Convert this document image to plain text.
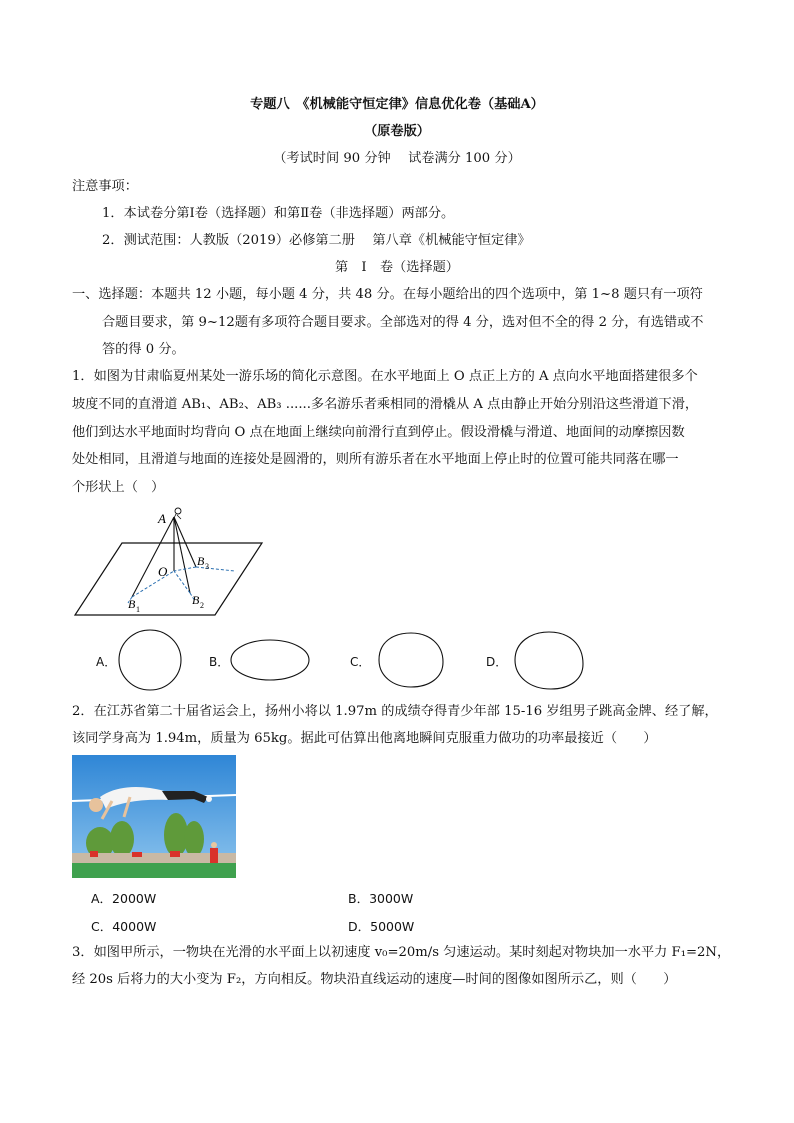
专题八　《机械能守恒定律》信息优化卷（基础A）
（原卷版）
（考试时间 90 分钟　 试卷满分 100 分）
注意事项：
1．本试卷分第Ⅰ卷（选择题）和第Ⅱ卷（非选择题）两部分。
2．测试范围：人教版（2019）必修第二册　 第八章《机械能守恒定律》
第　Ⅰ　卷（选择题）
一、选择题：本题共 12 小题，每小题 4 分，共 48 分。在每小题给出的四个选项中，第 1~8 题只有一项符
合题目要求，第 9~12题有多项符合题目要求。全部选对的得 4 分，选对但不全的得 2 分，有选错或不
答的得 0 分。
1．如图为甘肃临夏州某处一游乐场的简化示意图。在水平地面上 O 点正上方的 A 点向水平地面搭建很多个
坡度不同的直滑道 AB₁、AB₂、AB₃ ......多名游乐者乘相同的滑橇从 A 点由静止开始分别沿这些滑道下滑，
他们到达水平地面时均背向 O 点在地面上继续向前滑行直到停止。假设滑橇与滑道、地面间的动摩擦因数
处处相同，且滑道与地面的连接处是圆滑的，则所有游乐者在水平地面上停止时的位置可能共同落在哪一
个形状上（　）
A
O
B 1
B 2
B 3
A．	B．	C．	D．
2．在江苏省第二十届省运会上，扬州小将以 1.97m 的成绩夺得青少年部 15-16 岁组男子跳高金牌、经了解，
该同学身高为 1.94m，质量为 65kg。据此可估算出他离地瞬间克服重力做功的功率最接近（　　）
A．2000W	B．3000W
C．4000W	D．5000W
3．如图甲所示，一物块在光滑的水平面上以初速度 v₀=20m/s 匀速运动。某时刻起对物块加一水平力 F₁=2N，
经 20s 后将力的大小变为 F₂，方向相反。物块沿直线运动的速度—时间的图像如图所示乙，则（　　）
